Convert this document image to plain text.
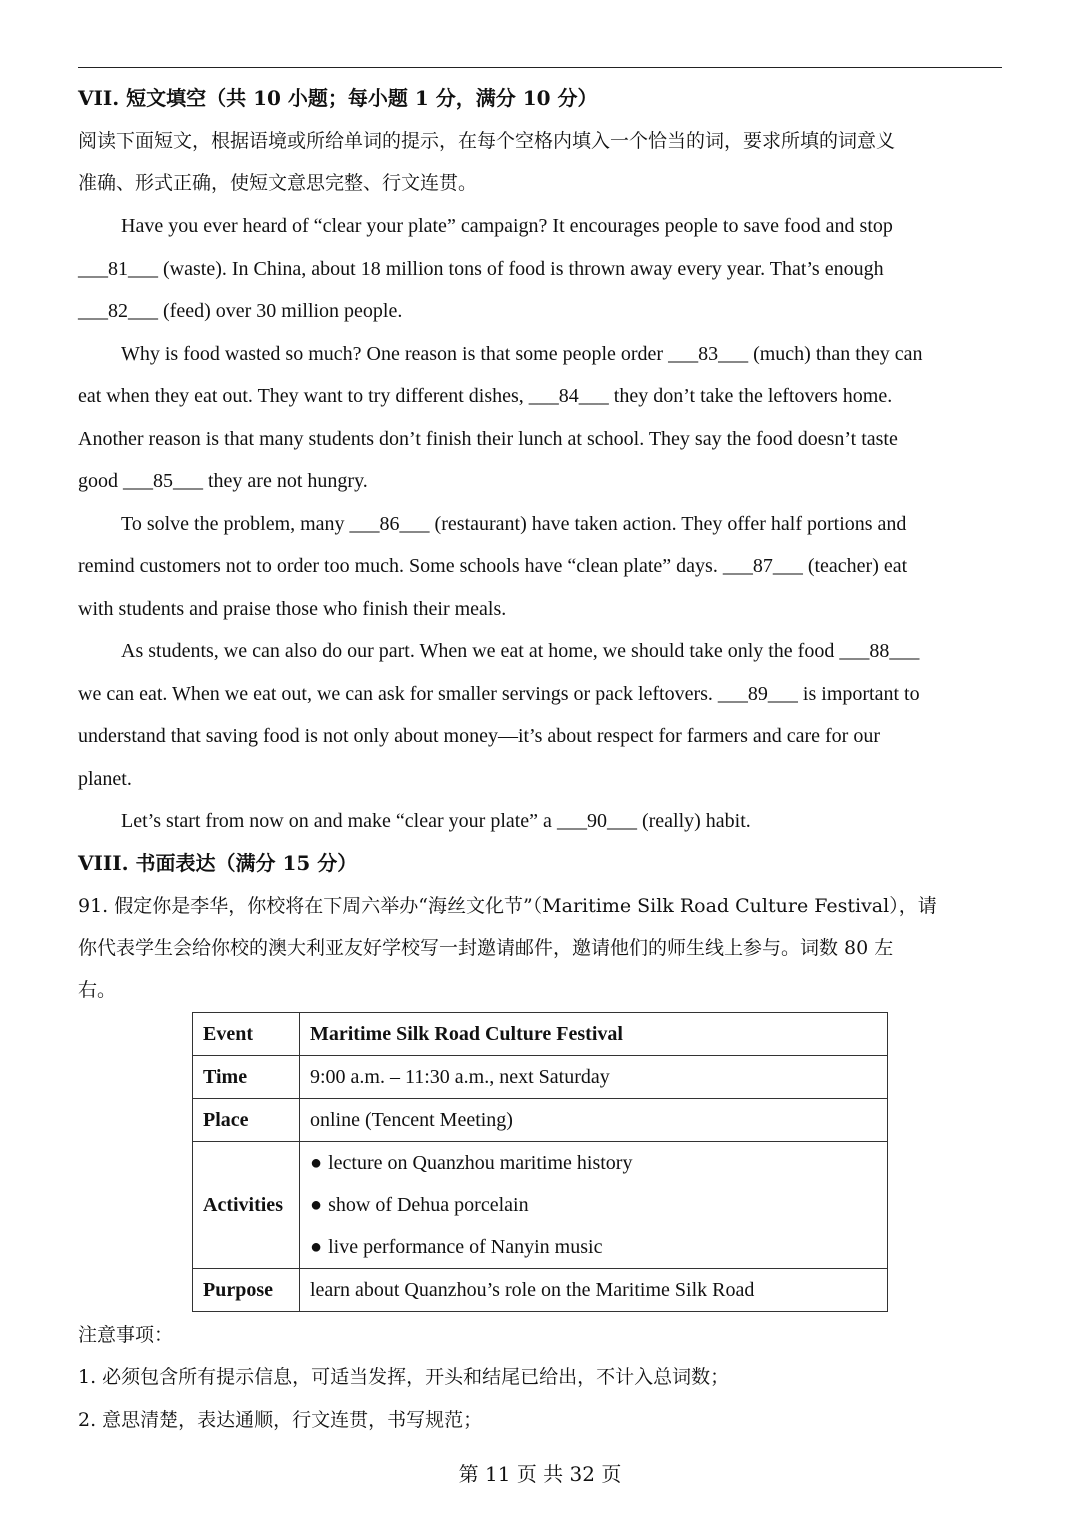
VII. 短文填空（共 10 小题；每小题 1 分，满分 10 分）
阅读下面短文，根据语境或所给单词的提示，在每个空格内填入一个恰当的词，要求所填的词意义
准确、形式正确，使短文意思完整、行文连贯。
Have you ever heard of “clear your plate” campaign? It encourages people to save food and stop
___81___ (waste). In China, about 18 million tons of food is thrown away every year. That’s enough
___82___ (feed) over 30 million people.
Why is food wasted so much? One reason is that some people order ___83___ (much) than they can
eat when they eat out. They want to try different dishes, ___84___ they don’t take the leftovers home.
Another reason is that many students don’t finish their lunch at school. They say the food doesn’t taste
good ___85___ they are not hungry.
To solve the problem, many ___86___ (restaurant) have taken action. They offer half portions and
remind customers not to order too much. Some schools have “clean plate” days. ___87___ (teacher) eat
with students and praise those who finish their meals.
As students, we can also do our part. When we eat at home, we should take only the food ___88___
we can eat. When we eat out, we can ask for smaller servings or pack leftovers. ___89___ is important to
understand that saving food is not only about money—it’s about respect for farmers and care for our
planet.
Let’s start from now on and make “clear your plate” a ___90___ (really) habit.
VIII. 书面表达（满分 15 分）
91. 假定你是李华，你校将在下周六举办“海丝文化节”（Maritime Silk Road Culture Festival），请
你代表学生会给你校的澳大利亚友好学校写一封邀请邮件，邀请他们的师生线上参与。词数 80 左
右。
Event	Maritime Silk Road Culture Festival
Time	9:00 a.m. – 11:30 a.m., next Saturday
Place	online (Tencent Meeting)
Activities	● lecture on Quanzhou maritime history
● show of Dehua porcelain
● live performance of Nanyin music

Purpose	learn about Quanzhou’s role on the Maritime Silk Road
注意事项：
1. 必须包含所有提示信息，可适当发挥，开头和结尾已给出，不计入总词数；
2. 意思清楚，表达通顺，行文连贯，书写规范；
第 11 页 共 32 页
